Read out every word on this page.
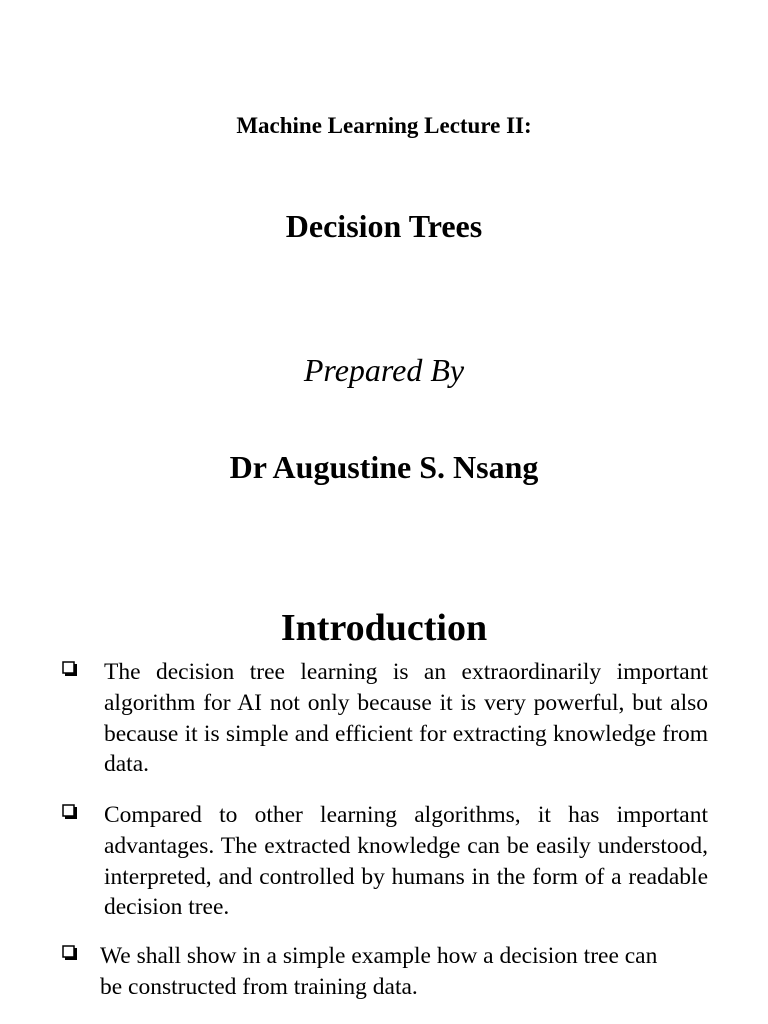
Machine Learning Lecture II:
Decision Trees
Prepared By
Dr Augustine S. Nsang
Introduction
The decision tree learning is an extraordinarily important algorithm for AI not only because it is very powerful, but also because it is simple and efficient for extracting knowledge from data.
Compared to other learning algorithms, it has important advantages. The extracted knowledge can be easily understood, interpreted, and controlled by humans in the form of a readable decision tree.
We shall show in a simple example how a decision tree can be constructed from training data.
